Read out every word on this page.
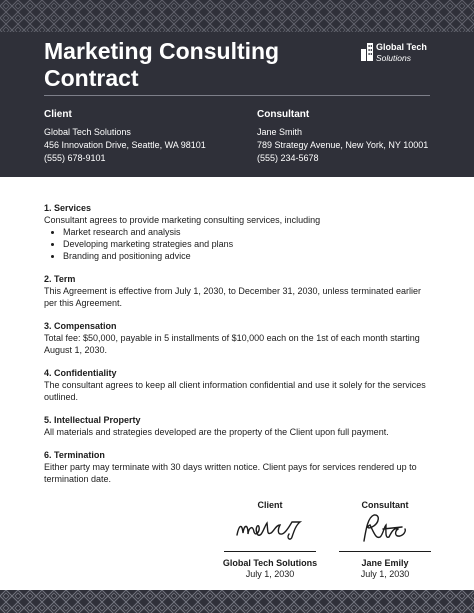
Marketing Consulting
Contract
Global Tech
Solutions
Client
Global Tech Solutions
456 Innovation Drive, Seattle, WA 98101
(555) 678-9101
Consultant
Jane Smith
789 Strategy Avenue, New York, NY 10001
(555) 234-5678
1. Services
Consultant agrees to provide marketing consulting services, including
• Market research and analysis
• Developing marketing strategies and plans
• Branding and positioning advice
2. Term
This Agreement is effective from July 1, 2030, to December 31, 2030, unless terminated earlier per this Agreement.
3. Compensation
Total fee: $50,000, payable in 5 installments of $10,000 each on the 1st of each month starting August 1, 2030.
4. Confidentiality
The consultant agrees to keep all client information confidential and use it solely for the services outlined.
5. Intellectual Property
All materials and strategies developed are the property of the Client upon full payment.
6. Termination
Either party may terminate with 30 days written notice. Client pays for services rendered up to termination date.
Client
Global Tech Solutions
July 1, 2030
Consultant
Jane Emily
July 1, 2030
